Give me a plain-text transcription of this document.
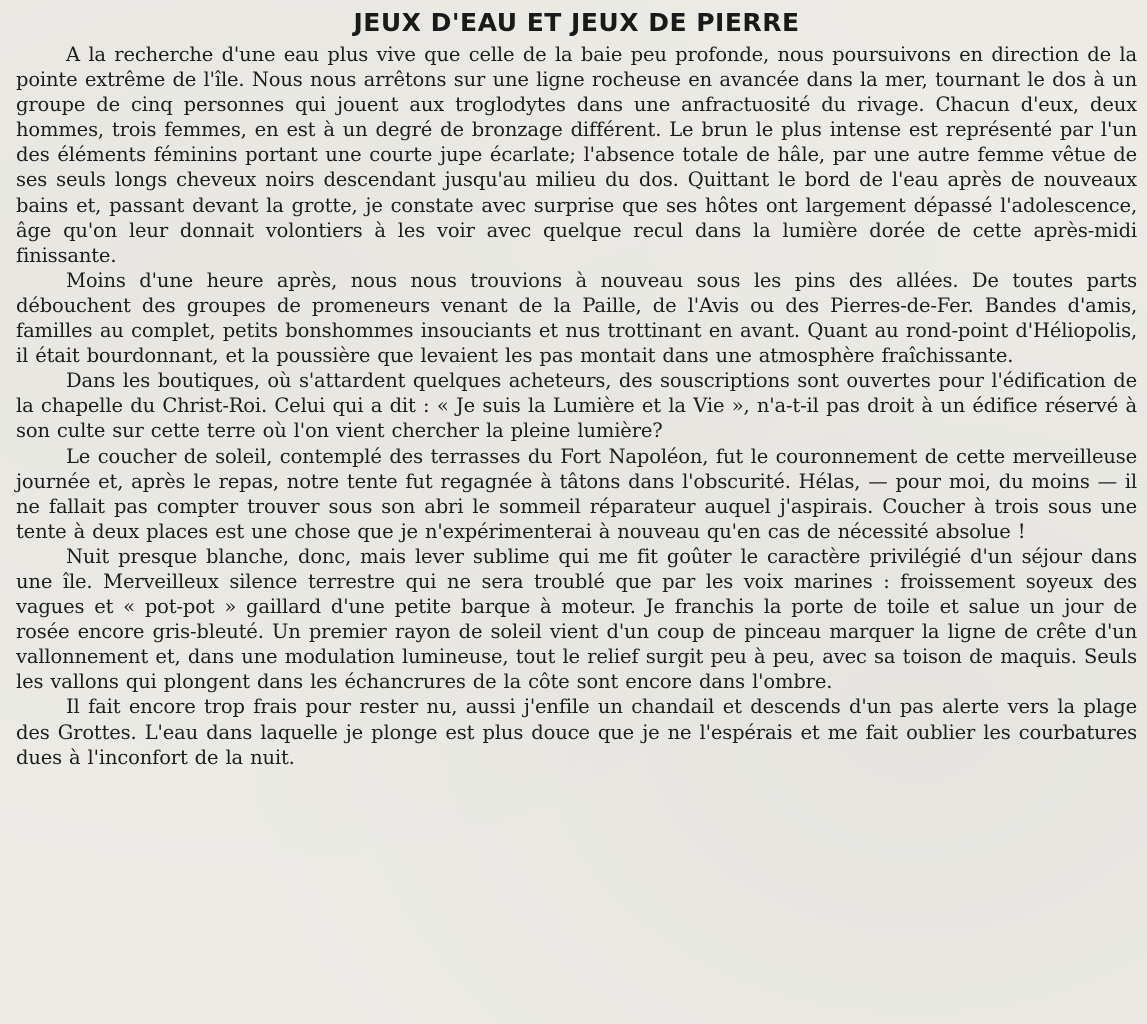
JEUX D'EAU ET JEUX DE PIERRE

A la recherche d'une eau plus vive que celle de la baie peu profonde, nous poursuivons en direction de la pointe extrême de l'île. Nous nous arrêtons sur une ligne rocheuse en avancée dans la mer, tournant le dos à un groupe de cinq personnes qui jouent aux troglodytes dans une anfractuosité du rivage. Chacun d'eux, deux hommes, trois femmes, en est à un degré de bronzage différent. Le brun le plus intense est représenté par l'un des éléments féminins portant une courte jupe écarlate; l'absence totale de hâle, par une autre femme vêtue de ses seuls longs cheveux noirs descendant jusqu'au milieu du dos. Quittant le bord de l'eau après de nouveaux bains et, passant devant la grotte, je constate avec surprise que ses hôtes ont largement dépassé l'adolescence, âge qu'on leur donnait volontiers à les voir avec quelque recul dans la lumière dorée de cette après-midi finissante.

Moins d'une heure après, nous nous trouvions à nouveau sous les pins des allées. De toutes parts débouchent des groupes de promeneurs venant de la Paille, de l'Avis ou des Pierres-de-Fer. Bandes d'amis, familles au complet, petits bonshommes insouciants et nus trottinant en avant. Quant au rond-point d'Héliopolis, il était bourdonnant, et la poussière que levaient les pas montait dans une atmosphère fraîchissante.

Dans les boutiques, où s'attardent quelques acheteurs, des souscriptions sont ouvertes pour l'édification de la chapelle du Christ-Roi. Celui qui a dit : « Je suis la Lumière et la Vie », n'a-t-il pas droit à un édifice réservé à son culte sur cette terre où l'on vient chercher la pleine lumière?

Le coucher de soleil, contemplé des terrasses du Fort Napoléon, fut le couronnement de cette merveilleuse journée et, après le repas, notre tente fut regagnée à tâtons dans l'obscurité. Hélas, — pour moi, du moins — il ne fallait pas compter trouver sous son abri le sommeil réparateur auquel j'aspirais. Coucher à trois sous une tente à deux places est une chose que je n'expérimenterai à nouveau qu'en cas de nécessité absolue !

Nuit presque blanche, donc, mais lever sublime qui me fit goûter le caractère privilégié d'un séjour dans une île. Merveilleux silence terrestre qui ne sera troublé que par les voix marines : froissement soyeux des vagues et « pot-pot » gaillard d'une petite barque à moteur. Je franchis la porte de toile et salue un jour de rosée encore gris-bleuté. Un premier rayon de soleil vient d'un coup de pinceau marquer la ligne de crête d'un vallonnement et, dans une modulation lumineuse, tout le relief surgit peu à peu, avec sa toison de maquis. Seuls les vallons qui plongent dans les échancrures de la côte sont encore dans l'ombre.

Il fait encore trop frais pour rester nu, aussi j'enfile un chandail et descends d'un pas alerte vers la plage des Grottes. L'eau dans laquelle je plonge est plus douce que je ne l'espérais et me fait oublier les courbatures dues à l'inconfort de la nuit.
